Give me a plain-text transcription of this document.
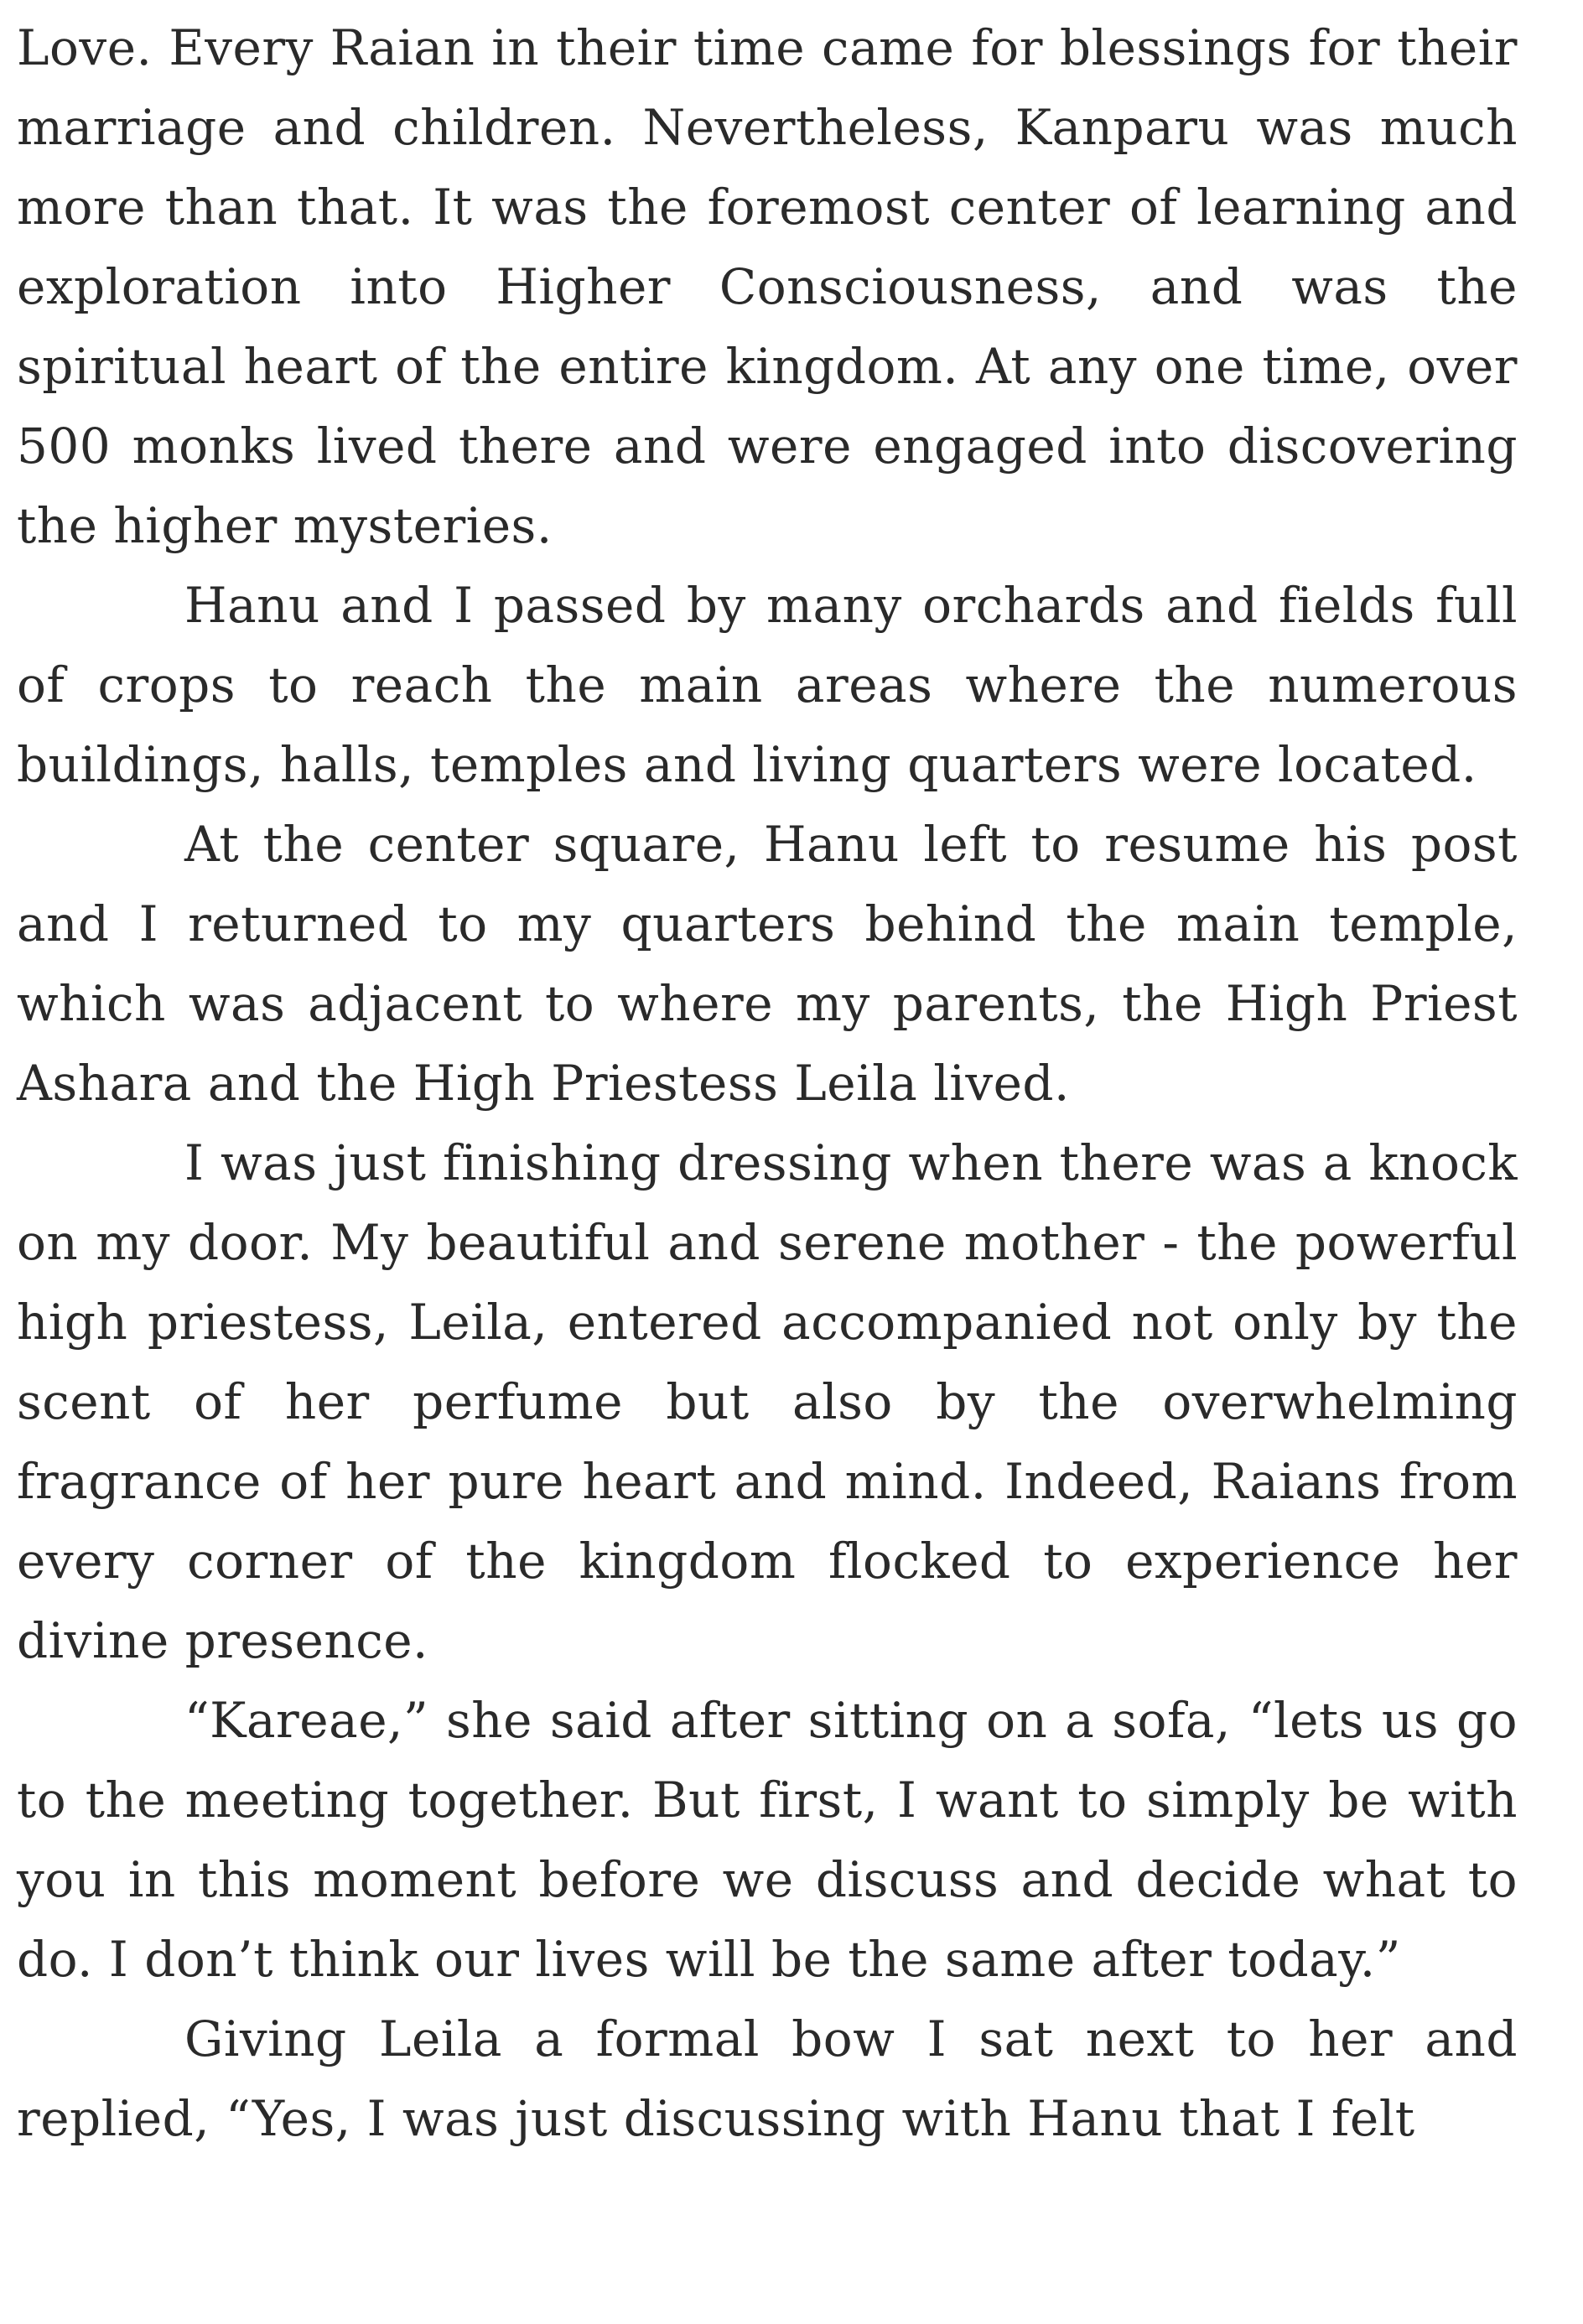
Love. Every Raian in their time came for blessings for their marriage and children. Nevertheless, Kanparu was much more than that. It was the foremost center of learning and exploration into Higher Consciousness, and was the spiritual heart of the entire kingdom. At any one time, over 500 monks lived there and were engaged into discovering the higher mysteries.

Hanu and I passed by many orchards and fields full of crops to reach the main areas where the numerous buildings, halls, temples and living quarters were located.

At the center square, Hanu left to resume his post and I returned to my quarters behind the main temple, which was adjacent to where my parents, the High Priest Ashara and the High Priestess Leila lived.

I was just finishing dressing when there was a knock on my door. My beautiful and serene mother - the powerful high priestess, Leila, entered accompanied not only by the scent of her perfume but also by the overwhelming fragrance of her pure heart and mind. Indeed, Raians from every corner of the kingdom flocked to experience her divine presence.

“Kareae,” she said after sitting on a sofa, “lets us go to the meeting together. But first, I want to simply be with you in this moment before we discuss and decide what to do. I don’t think our lives will be the same after today.”

Giving Leila a formal bow I sat next to her and replied, “Yes, I was just discussing with Hanu that I felt
